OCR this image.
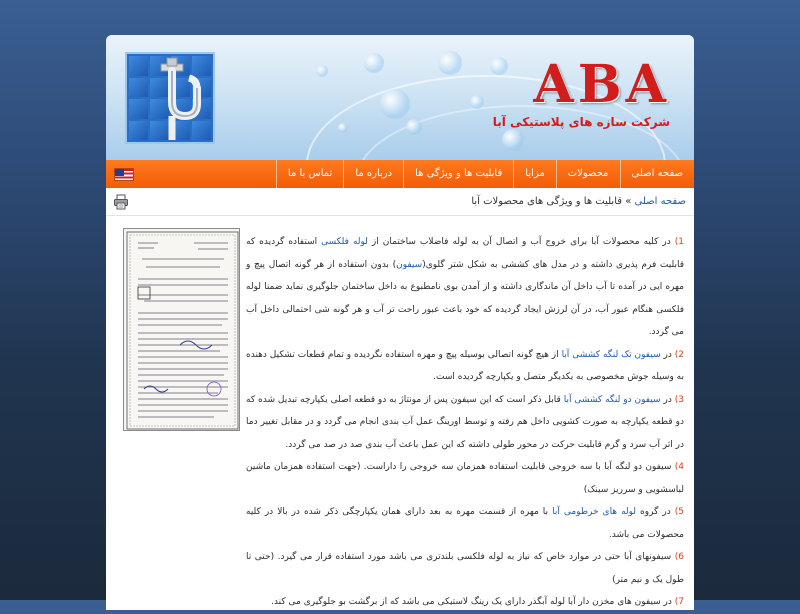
ABA
شرکت سازه های پلاستیکی آبا
صفحه اصلی
محصولات
مزایا
قابلیت ها و ویژگی ها
درباره ما
تماس با ما
صفحه اصلی » قابلیت ها و ویژگی های محصولات آبا

1) در کلیه محصولات آبا برای خروج آب و اتصال آن به لوله فاضلاب ساختمان از لوله فلکسی استفاده گردیده که قابلیت فرم پذیری داشته و در مدل های کششی به شکل شتر گلوی(سیفون) بدون استفاده از هر گونه اتصال پیچ و مهره ایی در آمده تا آب داخل آن ماندگاری داشته و از آمدن بوی نامطبوع به داخل ساختمان جلوگیری نماید ضمنا لوله فلکسی هنگام عبور آب، در آن لرزش ایجاد گردیده که خود باعث عبور راحت تر آب و هر گونه شی احتمالی داخل آب می گردد.

2) در سیفون تک لنگه کششی آبا از هیچ گونه اتصالی بوسیله پیچ و مهره استفاده نگردیده و تمام قطعات تشکیل دهنده به وسیله جوش مخصوصی به یکدیگر متصل و یکپارچه گردیده است.

3) در سیفون دو لنگه کششی آبا قابل ذکر است که این سیفون پس از مونتاژ به دو قطعه اصلی یکپارچه تبدیل شده که دو قطعه یکپارچه به صورت کشویی داخل هم رفته و توسط اورینگ عمل آب بندی انجام می گردد و در مقابل تغییر دما در اثر آب سرد و گرم قابلیت حرکت در محور طولی داشته که این عمل باعث آب بندی صد در صد می گردد.

4) سیفون دو لنگه آبا با سه خروجی قابلیت استفاده همزمان سه خروجی را داراست. (جهت استفاده همزمان ماشین لباسشویی و سرریز سینک)

5) در گروه لوله های خرطومی آبا با مهره از قسمت مهره به بعد دارای همان یکپارچگی ذکر شده در بالا در کلیه محصولات می باشد.

6) سیفونهای آبا حتی در موارد خاص که نیاز به لوله فلکسی بلندتری می باشد مورد استفاده قرار می گیرد. (حتی تا طول یک و نیم متر)

7) در سیفون های مخزن دار آبا لوله آبگذر دارای یک رینگ لاستیکی می باشد که از برگشت بو جلوگیری می کند.
